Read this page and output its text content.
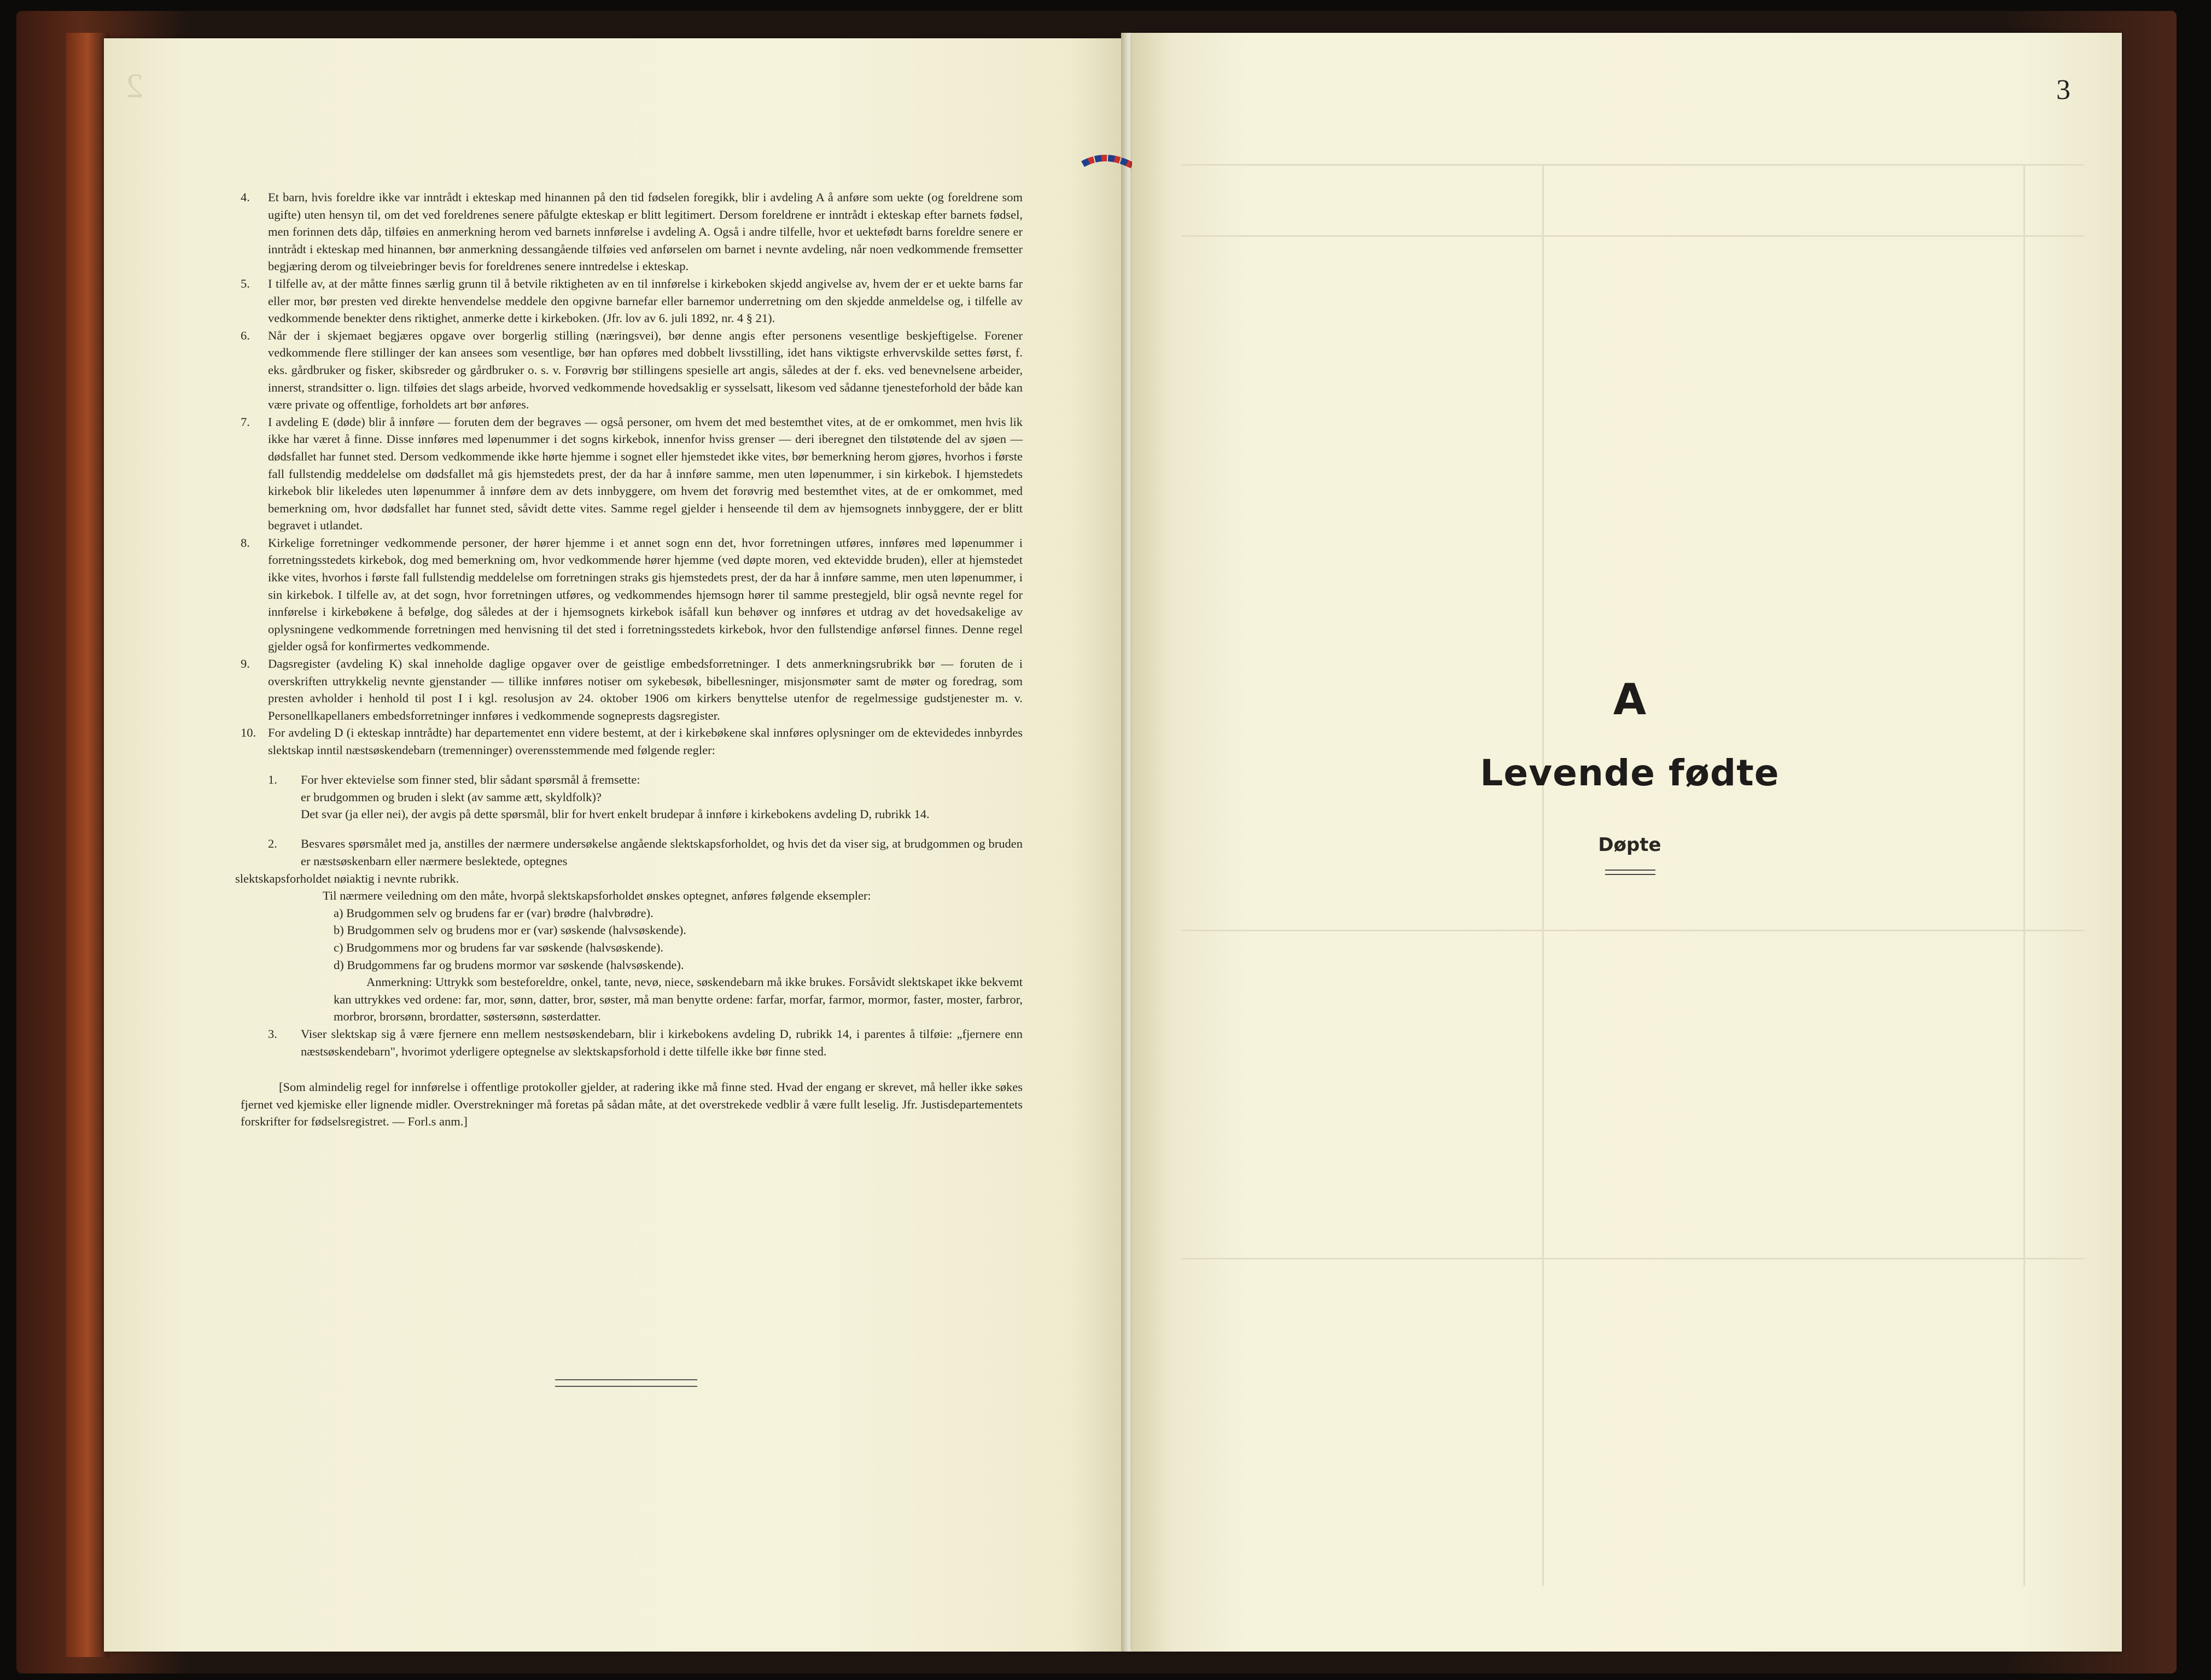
2

4. Et barn, hvis foreldre ikke var inntrådt i ekteskap med hinannen på den tid fødselen foregikk, blir i avdeling A å anføre som uekte (og foreldrene som ugifte) uten hensyn til, om det ved foreldrenes senere påfulgte ekteskap er blitt legitimert. Dersom foreldrene er inntrådt i ekteskap efter barnets fødsel, men forinnen dets dåp, tilføies en anmerkning herom ved barnets innførelse i avdeling A. Også i andre tilfelle, hvor et uektefødt barns foreldre senere er inntrådt i ekteskap med hinannen, bør anmerkning dessangående tilføies ved anførselen om barnet i nevnte avdeling, når noen vedkommende fremsetter begjæring derom og tilveiebringer bevis for foreldrenes senere inntredelse i ekteskap.

5. I tilfelle av, at der måtte finnes særlig grunn til å betvile riktigheten av en til innførelse i kirkeboken skjedd angivelse av, hvem der er et uekte barns far eller mor, bør presten ved direkte henvendelse meddele den opgivne barnefar eller barnemor underretning om den skjedde anmeldelse og, i tilfelle av vedkommende benekter dens riktighet, anmerke dette i kirkeboken. (Jfr. lov av 6. juli 1892, nr. 4 § 21).

6. Når der i skjemaet begjæres opgave over borgerlig stilling (næringsvei), bør denne angis efter personens vesentlige beskjeftigelse. Forener vedkommende flere stillinger der kan ansees som vesentlige, bør han opføres med dobbelt livsstilling, idet hans viktigste erhvervskilde settes først, f. eks. gårdbruker og fisker, skibsreder og gårdbruker o. s. v. Forøvrig bør stillingens spesielle art angis, således at der f. eks. ved benevnelsene arbeider, innerst, strandsitter o. lign. tilføies det slags arbeide, hvorved vedkommende hovedsaklig er sysselsatt, likesom ved sådanne tjenesteforhold der både kan være private og offentlige, forholdets art bør anføres.

7. I avdeling E (døde) blir å innføre — foruten dem der begraves — også personer, om hvem det med bestemthet vites, at de er omkommet, men hvis lik ikke har været å finne. Disse innføres med løpenummer i det sogns kirkebok, innenfor hviss grenser — deri iberegnet den tilstøtende del av sjøen — dødsfallet har funnet sted. Dersom vedkommende ikke hørte hjemme i sognet eller hjemstedet ikke vites, bør bemerkning herom gjøres, hvorhos i første fall fullstendig meddelelse om dødsfallet må gis hjemstedets prest, der da har å innføre samme, men uten løpenummer, i sin kirkebok. I hjemstedets kirkebok blir likeledes uten løpenummer å innføre dem av dets innbyggere, om hvem det forøvrig med bestemthet vites, at de er omkommet, med bemerkning om, hvor dødsfallet har funnet sted, såvidt dette vites. Samme regel gjelder i henseende til dem av hjemsognets innbyggere, der er blitt begravet i utlandet.

8. Kirkelige forretninger vedkommende personer, der hører hjemme i et annet sogn enn det, hvor forretningen utføres, innføres med løpenummer i forretningsstedets kirkebok, dog med bemerkning om, hvor vedkommende hører hjemme (ved døpte moren, ved ektevidde bruden), eller at hjemstedet ikke vites, hvorhos i første fall fullstendig meddelelse om forretningen straks gis hjemstedets prest, der da har å innføre samme, men uten løpenummer, i sin kirkebok. I tilfelle av, at det sogn, hvor forretningen utføres, og vedkommendes hjemsogn hører til samme prestegjeld, blir også nevnte regel for innførelse i kirkebøkene å befølge, dog således at der i hjemsognets kirkebok isåfall kun behøver og innføres et utdrag av det hovedsakelige av oplysningene vedkommende forretningen med henvisning til det sted i forretningsstedets kirkebok, hvor den fullstendige anførsel finnes. Denne regel gjelder også for konfirmertes vedkommende.

9. Dagsregister (avdeling K) skal inneholde daglige opgaver over de geistlige embedsforretninger. I dets anmerkningsrubrikk bør — foruten de i overskriften uttrykkelig nevnte gjenstander — tillike innføres notiser om sykebesøk, bibellesninger, misjonsmøter samt de møter og foredrag, som presten avholder i henhold til post I i kgl. resolusjon av 24. oktober 1906 om kirkers benyttelse utenfor de regelmessige gudstjenester m. v. Personellkapellaners embedsforretninger innføres i vedkommende sogneprests dagsregister.

10. For avdeling D (i ekteskap inntrådte) har departementet enn videre bestemt, at der i kirkebøkene skal innføres oplysninger om de ektevidedes innbyrdes slektskap inntil næstsøskendebarn (tremenninger) overensstemmende med følgende regler:

1. For hver ektevielse som finner sted, blir sådant spørsmål å fremsette:
er brudgommen og bruden i slekt (av samme ætt, skyldfolk)?
Det svar (ja eller nei), der avgis på dette spørsmål, blir for hvert enkelt brudepar å innføre i kirkebokens avdeling D, rubrikk 14.

2. Besvares spørsmålet med ja, anstilles der nærmere undersøkelse angående slektskapsforholdet, og hvis det da viser sig, at brudgommen og bruden er næstsøskenbarn eller nærmere beslektede, optegnes

slektskapsforholdet nøiaktig i nevnte rubrikk.

Til nærmere veiledning om den måte, hvorpå slektskapsforholdet ønskes optegnet, anføres følgende eksempler:

a) Brudgommen selv og brudens far er (var) brødre (halvbrødre).
b) Brudgommen selv og brudens mor er (var) søskende (halvsøskende).
c) Brudgommens mor og brudens far var søskende (halvsøskende).
d) Brudgommens far og brudens mormor var søskende (halvsøskende).

Anmerkning: Uttrykk som besteforeldre, onkel, tante, nevø, niece, søskendebarn må ikke brukes. Forsåvidt slektskapet ikke bekvemt kan uttrykkes ved ordene: far, mor, sønn, datter, bror, søster, må man benytte ordene: farfar, morfar, farmor, mormor, faster, moster, farbror, morbror, brorsønn, brordatter, søstersønn, søsterdatter.

3. Viser slektskap sig å være fjernere enn mellem nestsøskendebarn, blir i kirkebokens avdeling D, rubrikk 14, i parentes å tilføie: „fjernere enn næstsøskendebarn", hvorimot yderligere optegnelse av slektskapsforhold i dette tilfelle ikke bør finne sted.

[Som almindelig regel for innførelse i offentlige protokoller gjelder, at radering ikke må finne sted. Hvad der engang er skrevet, må heller ikke søkes fjernet ved kjemiske eller lignende midler. Overstrekninger må foretas på sådan måte, at det overstrekede vedblir å være fullt leselig. Jfr. Justisdepartementets forskrifter for fødselsregistret. — Forl.s anm.]

3
A
Levende fødte
Døpte
